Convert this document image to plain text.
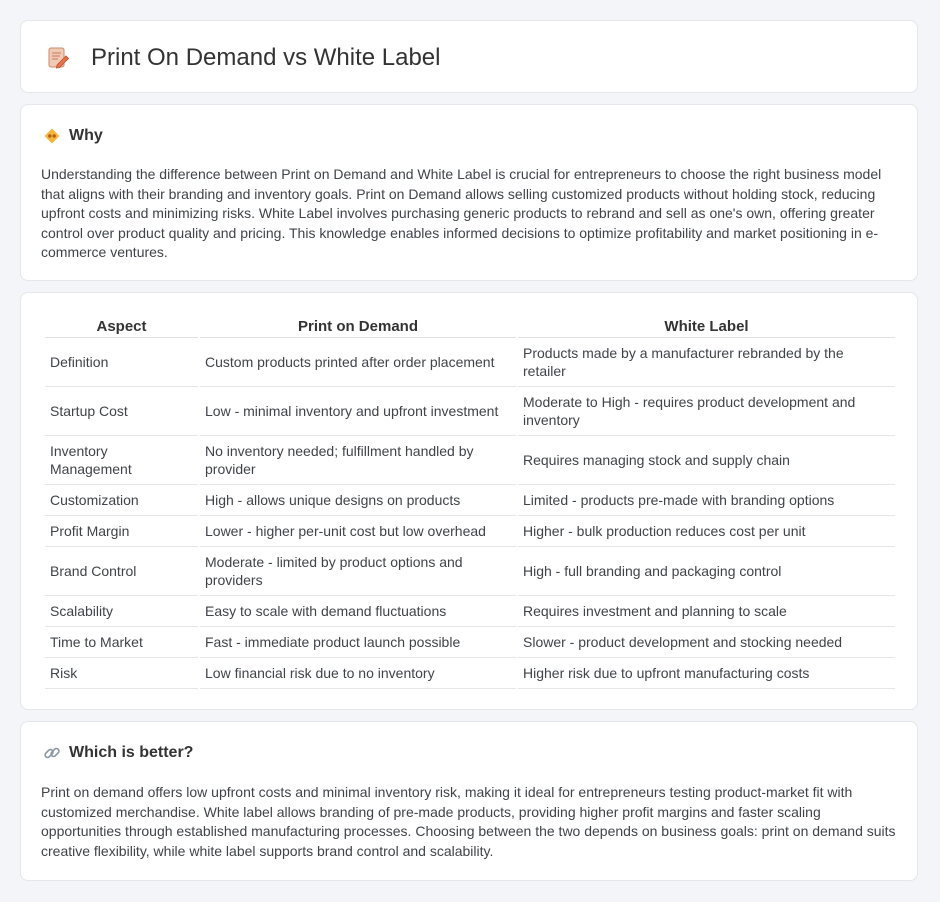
Print On Demand vs White Label
Why

Understanding the difference between Print on Demand and White Label is crucial for entrepreneurs to choose the right business model that aligns with their branding and inventory goals. Print on Demand allows selling customized products without holding stock, reducing upfront costs and minimizing risks. White Label involves purchasing generic products to rebrand and sell as one's own, offering greater control over product quality and pricing. This knowledge enables informed decisions to optimize profitability and market positioning in e-commerce ventures.

Aspect	Print on Demand	White Label
Definition	Custom products printed after order placement	Products made by a manufacturer rebranded by the retailer
Startup Cost	Low - minimal inventory and upfront investment	Moderate to High - requires product development and inventory
Inventory Management	No inventory needed; fulfillment handled by provider	Requires managing stock and supply chain
Customization	High - allows unique designs on products	Limited - products pre-made with branding options
Profit Margin	Lower - higher per-unit cost but low overhead	Higher - bulk production reduces cost per unit
Brand Control	Moderate - limited by product options and providers	High - full branding and packaging control
Scalability	Easy to scale with demand fluctuations	Requires investment and planning to scale
Time to Market	Fast - immediate product launch possible	Slower - product development and stocking needed
Risk	Low financial risk due to no inventory	Higher risk due to upfront manufacturing costs
Which is better?

Print on demand offers low upfront costs and minimal inventory risk, making it ideal for entrepreneurs testing product-market fit with customized merchandise. White label allows branding of pre-made products, providing higher profit margins and faster scaling opportunities through established manufacturing processes. Choosing between the two depends on business goals: print on demand suits creative flexibility, while white label supports brand control and scalability.
